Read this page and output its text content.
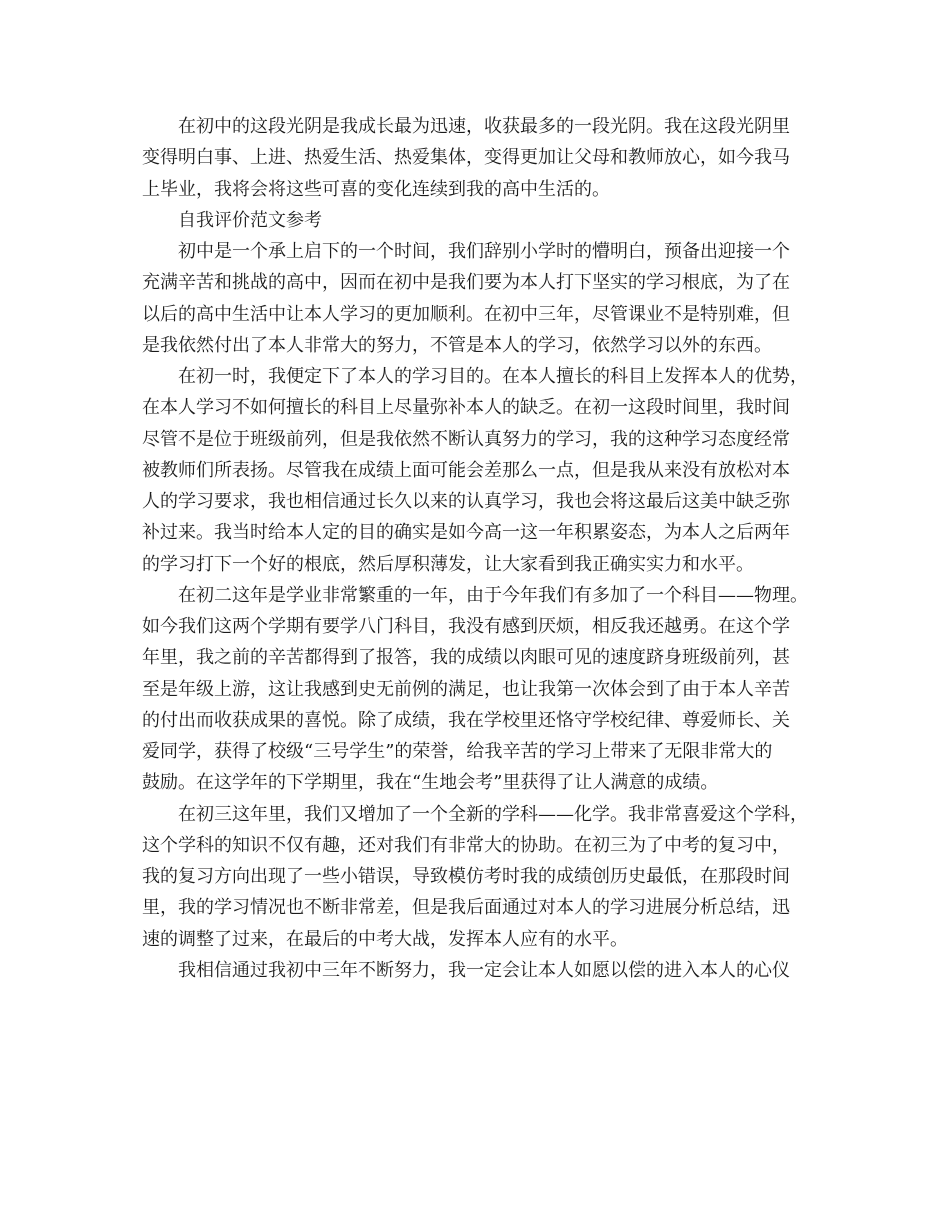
在初中的这段光阴是我成长最为迅速，收获最多的一段光阴。我在这段光阴里
变得明白事、上进、热爱生活、热爱集体，变得更加让父母和教师放心，如今我马
上毕业，我将会将这些可喜的变化连续到我的高中生活的。

自我评价范文参考

初中是一个承上启下的一个时间，我们辞别小学时的懵明白，预备出迎接一个
充满辛苦和挑战的高中，因而在初中是我们要为本人打下坚实的学习根底，为了在
以后的高中生活中让本人学习的更加顺利。在初中三年，尽管课业不是特别难，但
是我依然付出了本人非常大的努力，不管是本人的学习，依然学习以外的东西。

在初一时，我便定下了本人的学习目的。在本人擅长的科目上发挥本人的优势，
在本人学习不如何擅长的科目上尽量弥补本人的缺乏。在初一这段时间里，我时间
尽管不是位于班级前列，但是我依然不断认真努力的学习，我的这种学习态度经常
被教师们所表扬。尽管我在成绩上面可能会差那么一点，但是我从来没有放松对本
人的学习要求，我也相信通过长久以来的认真学习，我也会将这最后这美中缺乏弥
补过来。我当时给本人定的目的确实是如今高一这一年积累姿态，为本人之后两年
的学习打下一个好的根底，然后厚积薄发，让大家看到我正确实实力和水平。

在初二这年是学业非常繁重的一年，由于今年我们有多加了一个科目——物理。
如今我们这两个学期有要学八门科目，我没有感到厌烦，相反我还越勇。在这个学
年里，我之前的辛苦都得到了报答，我的成绩以肉眼可见的速度跻身班级前列，甚
至是年级上游，这让我感到史无前例的满足，也让我第一次体会到了由于本人辛苦
的付出而收获成果的喜悦。除了成绩，我在学校里还恪守学校纪律、尊爱师长、关
爱同学，获得了校级“三号学生”的荣誉，给我辛苦的学习上带来了无限非常大的
鼓励。在这学年的下学期里，我在“生地会考”里获得了让人满意的成绩。

在初三这年里，我们又增加了一个全新的学科——化学。我非常喜爱这个学科，
这个学科的知识不仅有趣，还对我们有非常大的协助。在初三为了中考的复习中，
我的复习方向出现了一些小错误，导致模仿考时我的成绩创历史最低，在那段时间
里，我的学习情况也不断非常差，但是我后面通过对本人的学习进展分析总结，迅
速的调整了过来，在最后的中考大战，发挥本人应有的水平。

我相信通过我初中三年不断努力，我一定会让本人如愿以偿的进入本人的心仪
